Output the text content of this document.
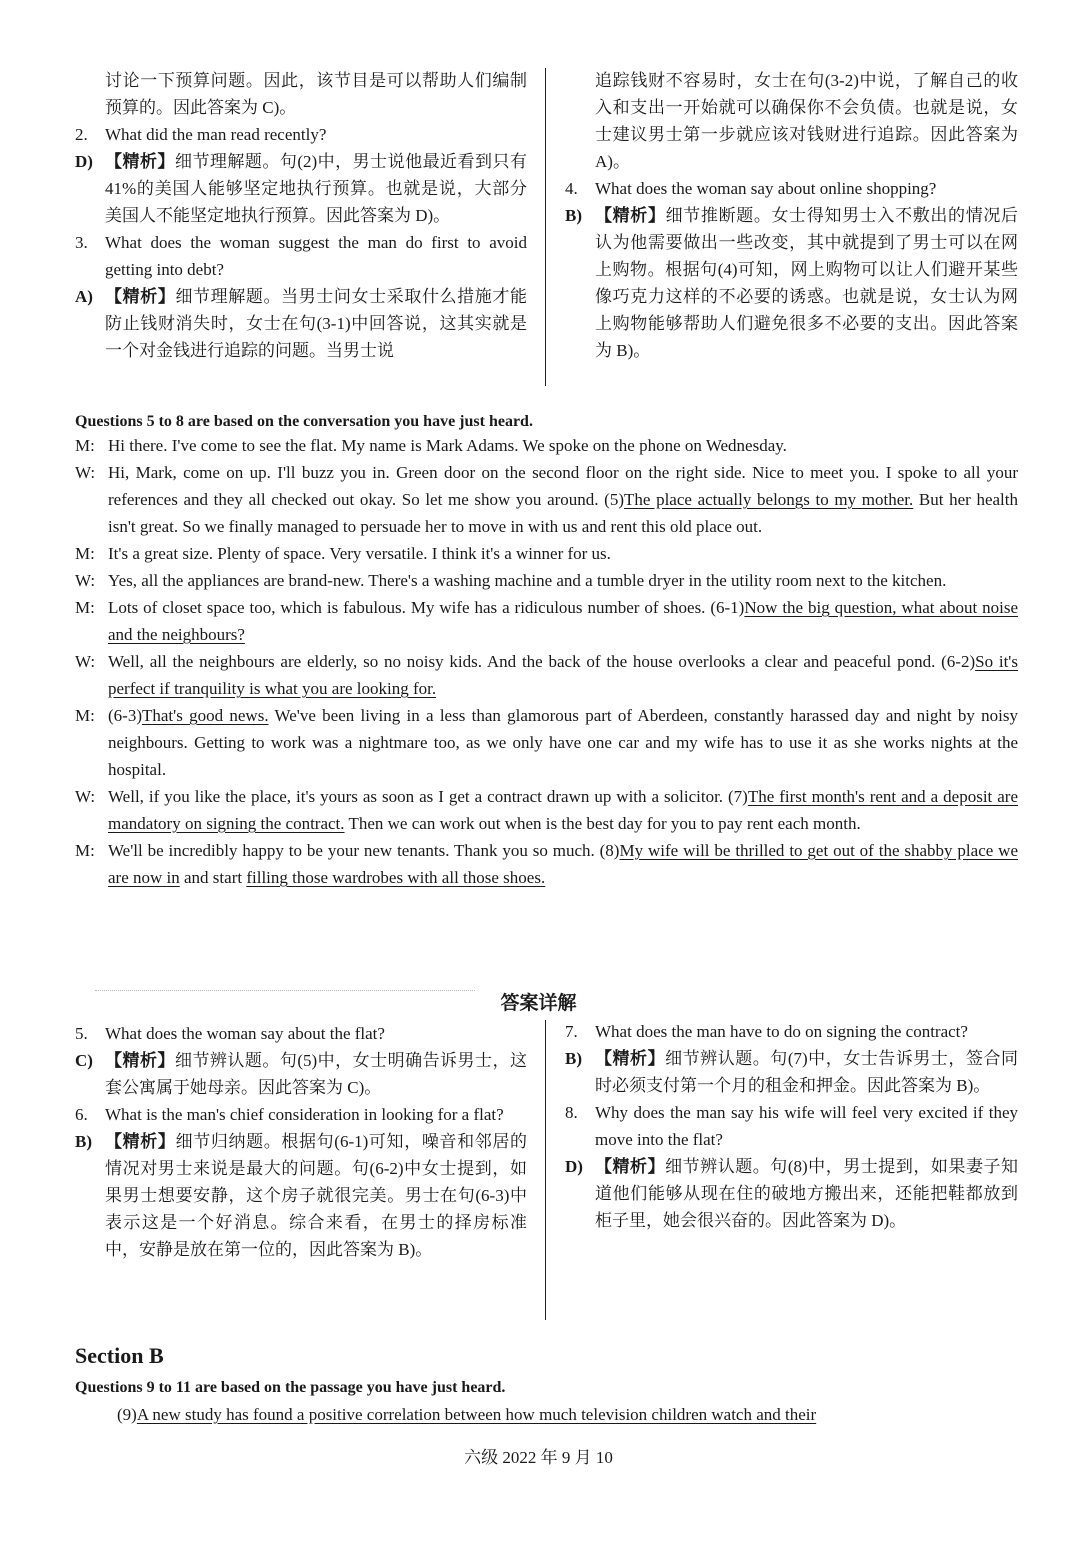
讨论一下预算问题。因此，该节目是可以帮助人们编制预算的。因此答案为 C)。
2. What did the man read recently?
D) 【精析】细节理解题。句(2)中，男士说他最近看到只有 41%的美国人能够坚定地执行预算。也就是说，大部分美国人不能坚定地执行预算。因此答案为 D)。
3. What does the woman suggest the man do first to avoid getting into debt?
A) 【精析】细节理解题。当男士问女士采取什么措施才能防止钱财消失时，女士在句(3-1)中回答说，这其实就是一个对金钱进行追踪的问题。当男士说
追踪钱财不容易时，女士在句(3-2)中说，了解自己的收入和支出一开始就可以确保你不会负债。也就是说，女士建议男士第一步就应该对钱财进行追踪。因此答案为 A)。
4. What does the woman say about online shopping?
B) 【精析】细节推断题。女士得知男士入不敷出的情况后认为他需要做出一些改变，其中就提到了男士可以在网上购物。根据句(4)可知，网上购物可以让人们避开某些像巧克力这样的不必要的诱惑。也就是说，女士认为网上购物能够帮助人们避免很多不必要的支出。因此答案为 B)。
Questions 5 to 8 are based on the conversation you have just heard.
M: Hi there. I've come to see the flat. My name is Mark Adams. We spoke on the phone on Wednesday.
W: Hi, Mark, come on up. I'll buzz you in. Green door on the second floor on the right side. Nice to meet you. I spoke to all your references and they all checked out okay. So let me show you around. (5)The place actually belongs to my mother. But her health isn't great. So we finally managed to persuade her to move in with us and rent this old place out.
M: It's a great size. Plenty of space. Very versatile. I think it's a winner for us.
W: Yes, all the appliances are brand-new. There's a washing machine and a tumble dryer in the utility room next to the kitchen.
M: Lots of closet space too, which is fabulous. My wife has a ridiculous number of shoes. (6-1)Now the big question, what about noise and the neighbours?
W: Well, all the neighbours are elderly, so no noisy kids. And the back of the house overlooks a clear and peaceful pond. (6-2)So it's perfect if tranquility is what you are looking for.
M: (6-3)That's good news. We've been living in a less than glamorous part of Aberdeen, constantly harassed day and night by noisy neighbours. Getting to work was a nightmare too, as we only have one car and my wife has to use it as she works nights at the hospital.
W: Well, if you like the place, it's yours as soon as I get a contract drawn up with a solicitor. (7)The first month's rent and a deposit are mandatory on signing the contract. Then we can work out when is the best day for you to pay rent each month.
M: We'll be incredibly happy to be your new tenants. Thank you so much. (8)My wife will be thrilled to get out of the shabby place we are now in and start filling those wardrobes with all those shoes.
答案详解
5. What does the woman say about the flat?
C) 【精析】细节辨认题。句(5)中，女士明确告诉男士，这套公寓属于她母亲。因此答案为 C)。
6. What is the man's chief consideration in looking for a flat?
B) 【精析】细节归纳题。根据句(6-1)可知，噪音和邻居的情况对男士来说是最大的问题。句(6-2)中女士提到，如果男士想要安静，这个房子就很完美。男士在句(6-3)中表示这是一个好消息。综合来看，在男士的择房标准中，安静是放在第一位的，因此答案为 B)。
7. What does the man have to do on signing the contract?
B) 【精析】细节辨认题。句(7)中，女士告诉男士，签合同时必须支付第一个月的租金和押金。因此答案为 B)。
8. Why does the man say his wife will feel very excited if they move into the flat?
D) 【精析】细节辨认题。句(8)中，男士提到，如果妻子知道他们能够从现在住的破地方搬出来，还能把鞋都放到柜子里，她会很兴奋的。因此答案为 D)。
Section B
Questions 9 to 11 are based on the passage you have just heard.
(9)A new study has found a positive correlation between how much television children watch and their
六级 2022 年 9 月 10
